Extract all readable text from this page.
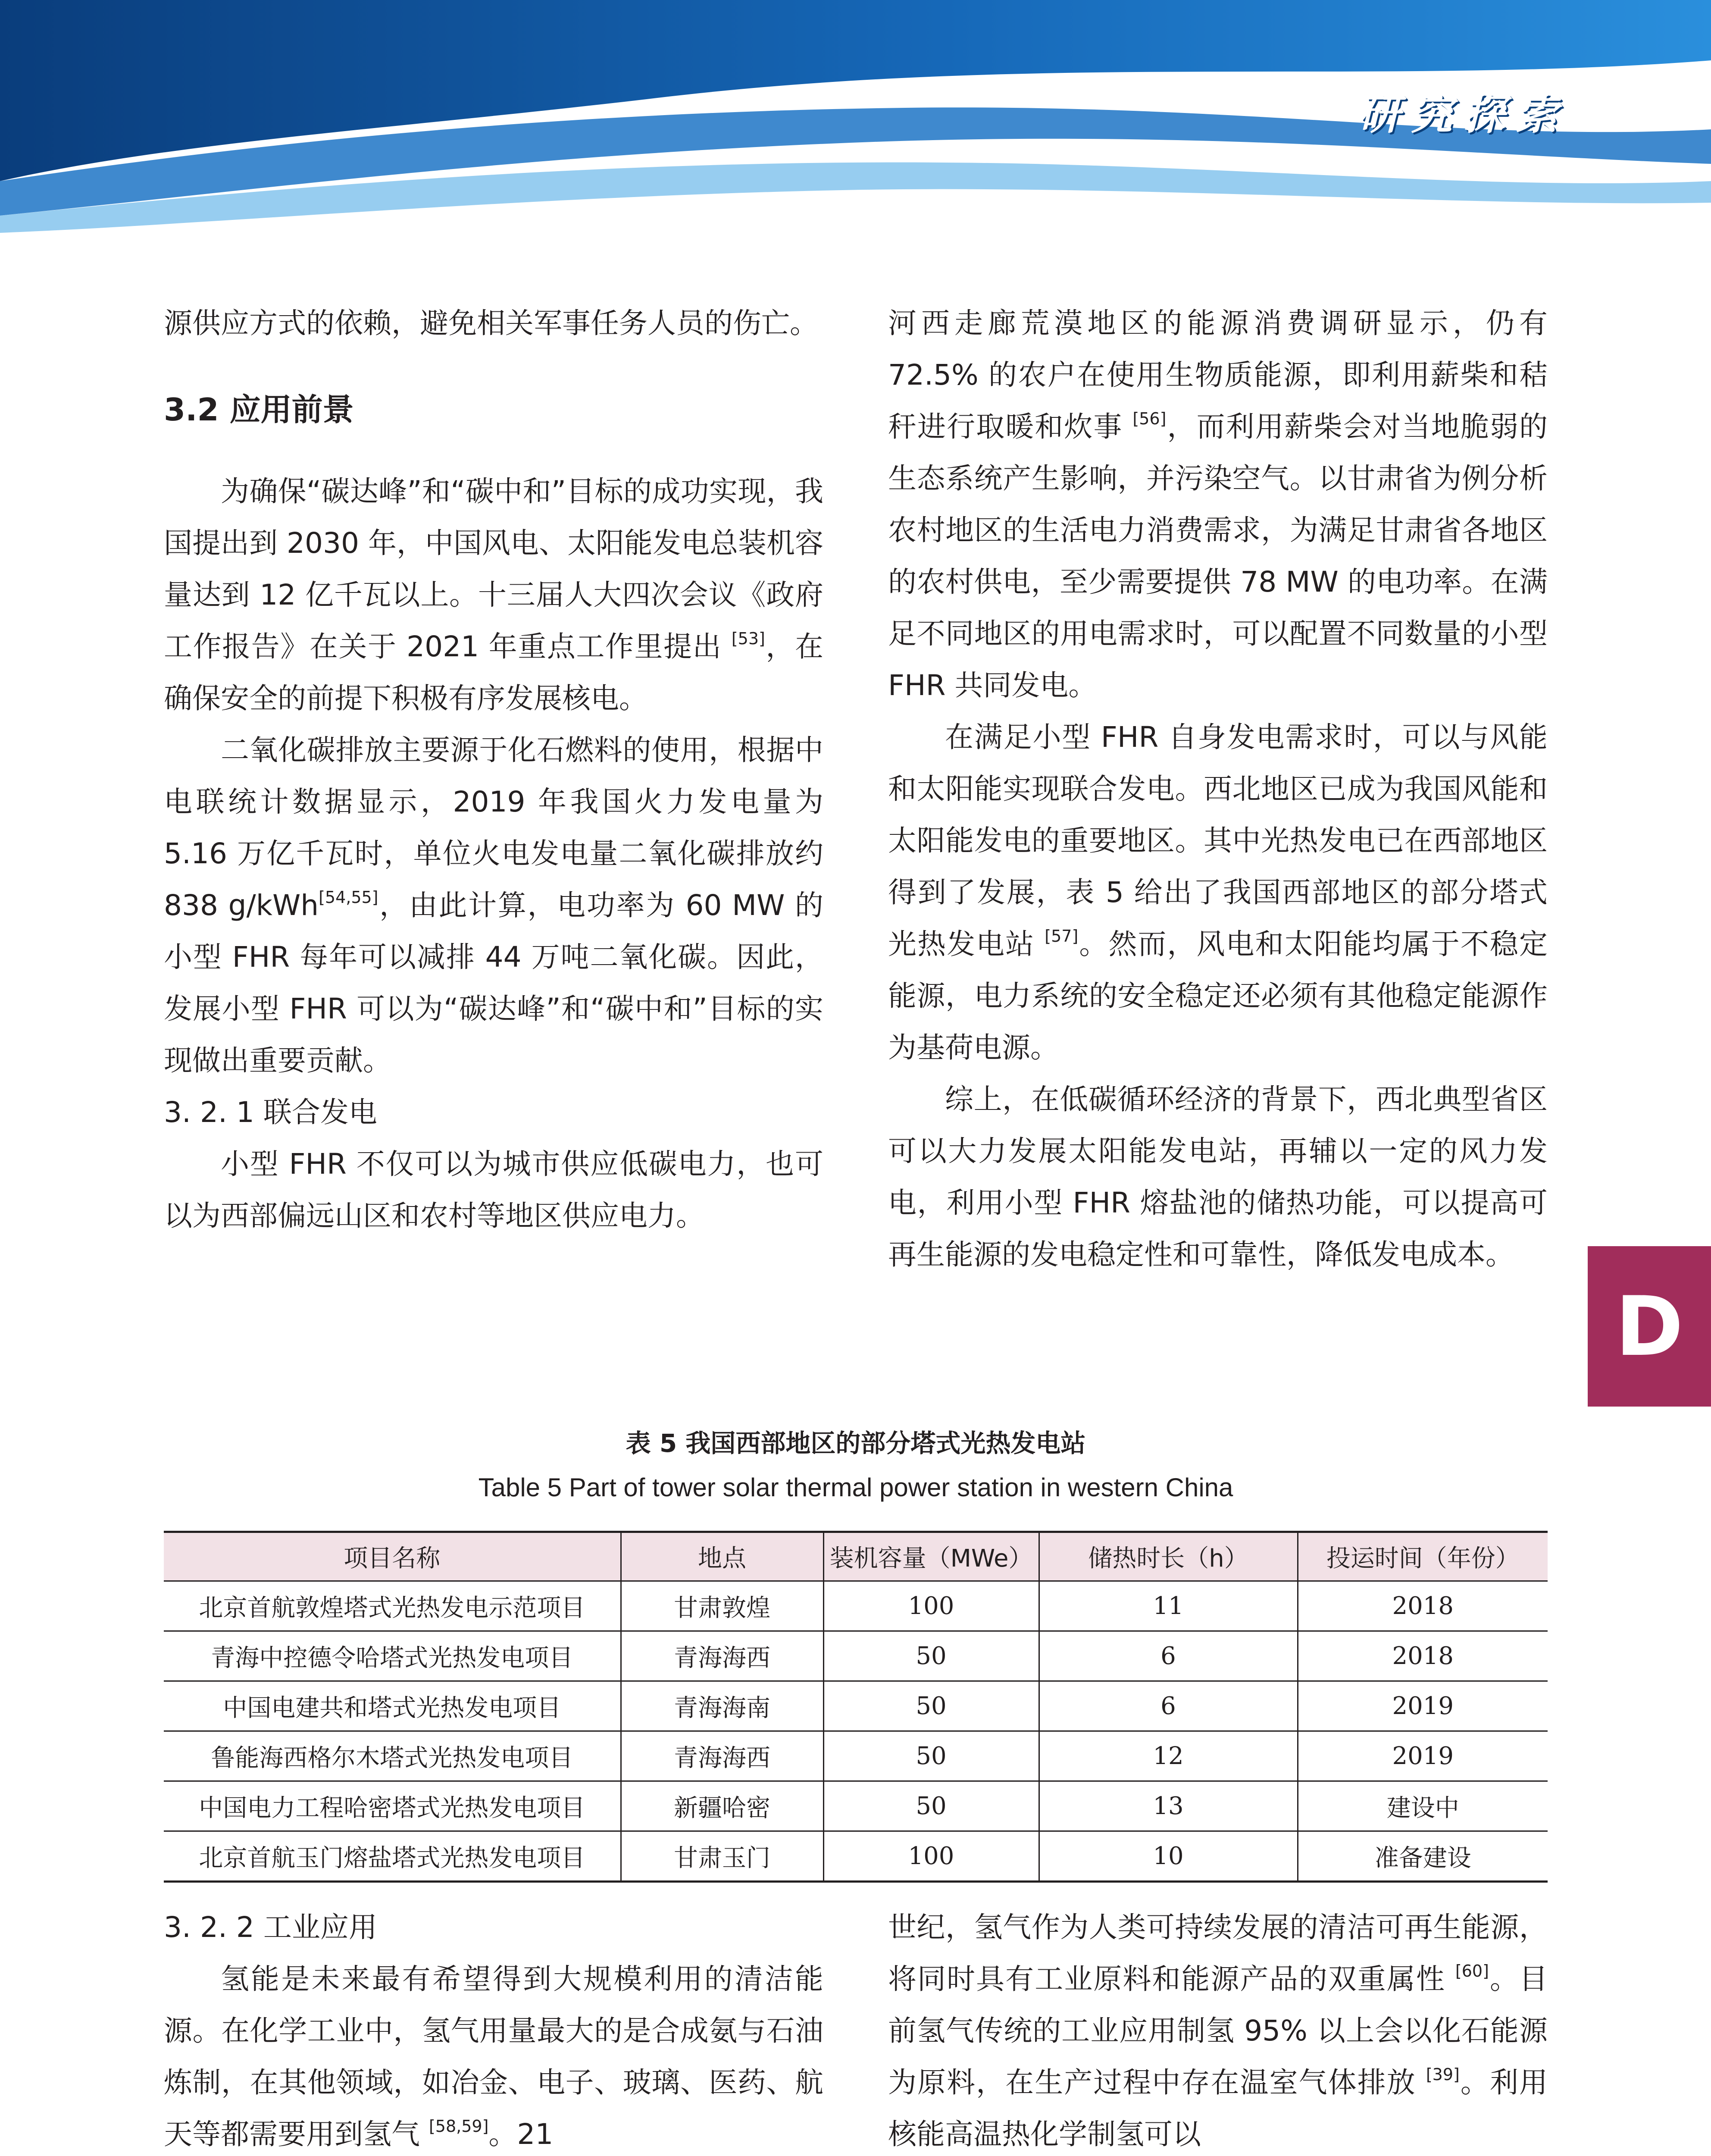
研究探索

源供应方式的依赖，避免相关军事任务人员的伤亡。

3.2 应用前景

为确保“碳达峰”和“碳中和”目标的成功实现，我国提出到 2030 年，中国风电、太阳能发电总装机容量达到 12 亿千瓦以上。十三届人大四次会议《政府工作报告》在关于 2021 年重点工作里提出 [53]，在确保安全的前提下积极有序发展核电。

二氧化碳排放主要源于化石燃料的使用，根据中电联统计数据显示，2019 年我国火力发电量为 5.16 万亿千瓦时，单位火电发电量二氧化碳排放约 838 g/kWh[54,55]，由此计算，电功率为 60 MW 的小型 FHR 每年可以减排 44 万吨二氧化碳。因此，发展小型 FHR 可以为“碳达峰”和“碳中和”目标的实现做出重要贡献。

3. 2. 1 联合发电

小型 FHR 不仅可以为城市供应低碳电力，也可以为西部偏远山区和农村等地区供应电力。

河西走廊荒漠地区的能源消费调研显示，仍有 72.5% 的农户在使用生物质能源，即利用薪柴和秸秆进行取暖和炊事 [56]，而利用薪柴会对当地脆弱的生态系统产生影响，并污染空气。以甘肃省为例分析农村地区的生活电力消费需求，为满足甘肃省各地区的农村供电，至少需要提供 78 MW 的电功率。在满足不同地区的用电需求时，可以配置不同数量的小型 FHR 共同发电。

在满足小型 FHR 自身发电需求时，可以与风能和太阳能实现联合发电。西北地区已成为我国风能和太阳能发电的重要地区。其中光热发电已在西部地区得到了发展，表 5 给出了我国西部地区的部分塔式光热发电站 [57]。然而，风电和太阳能均属于不稳定能源，电力系统的安全稳定还必须有其他稳定能源作为基荷电源。

综上，在低碳循环经济的背景下，西北典型省区可以大力发展太阳能发电站，再辅以一定的风力发电，利用小型 FHR 熔盐池的储热功能，可以提高可再生能源的发电稳定性和可靠性，降低发电成本。

D
表 5 我国西部地区的部分塔式光热发电站
Table 5 Part of tower solar thermal power station in western China
项目名称	地点	装机容量（MWe）	储热时长（h）	投运时间（年份）
北京首航敦煌塔式光热发电示范项目	甘肃敦煌	100	11	2018
青海中控德令哈塔式光热发电项目	青海海西	50	6	2018
中国电建共和塔式光热发电项目	青海海南	50	6	2019
鲁能海西格尔木塔式光热发电项目	青海海西	50	12	2019
中国电力工程哈密塔式光热发电项目	新疆哈密	50	13	建设中
北京首航玉门熔盐塔式光热发电项目	甘肃玉门	100	10	准备建设

3. 2. 2 工业应用

氢能是未来最有希望得到大规模利用的清洁能源。在化学工业中，氢气用量最大的是合成氨与石油炼制，在其他领域，如冶金、电子、玻璃、医药、航天等都需要用到氢气 [58,59]。21

世纪，氢气作为人类可持续发展的清洁可再生能源，将同时具有工业原料和能源产品的双重属性 [60]。目前氢气传统的工业应用制氢 95% 以上会以化石能源为原料，在生产过程中存在温室气体排放 [39]。利用核能高温热化学制氢可以
